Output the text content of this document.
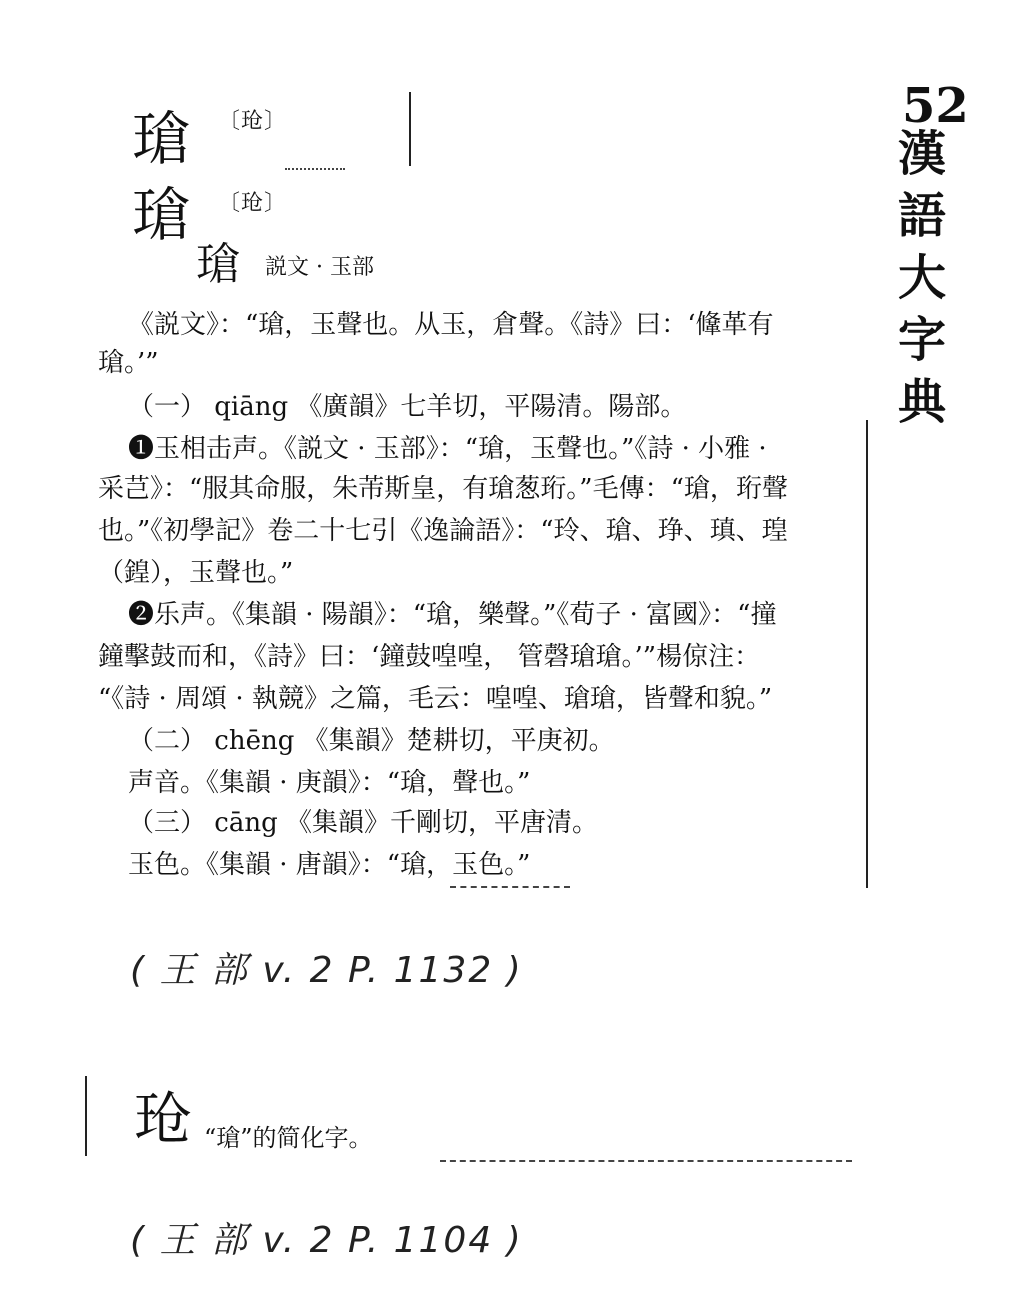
52
漢
語
大
字
典
瑲 〔玱〕
瑲 〔玱〕
瑲 説文 · 玉部
《説文》：“瑲，玉聲也。从玉，倉聲。《詩》曰：‘鞗革有
瑲。’”
（一） qiāng 《廣韻》七羊切，平陽清。陽部。
❶玉相击声。《説文 · 玉部》：“瑲，玉聲也。”《詩 · 小雅 ·
采芑》：“服其命服，朱芾斯皇，有瑲葱珩。”毛傳：“瑲，珩聲
也。”《初學記》卷二十七引《逸論語》：“玲、瑲、琤、瑱、瑝
（鍠），玉聲也。”
❷乐声。《集韻 · 陽韻》：“瑲，樂聲。”《荀子 · 富國》：“撞
鐘擊鼓而和，《詩》曰：‘鐘鼓喤喤， 管磬瑲瑲。’”楊倞注：
“《詩 · 周頌 · 執競》之篇，毛云：喤喤、瑲瑲，皆聲和貌。”
（二） chēng 《集韻》楚耕切，平庚初。
声音。《集韻 · 庚韻》：“瑲，聲也。”
（三） cāng 《集韻》千剛切，平唐清。
玉色。《集韻 · 唐韻》：“瑲，玉色。”
( 王 部 v. 2 P. 1132 )
玱 “瑲”的简化字。
( 王 部 v. 2 P. 1104 )
